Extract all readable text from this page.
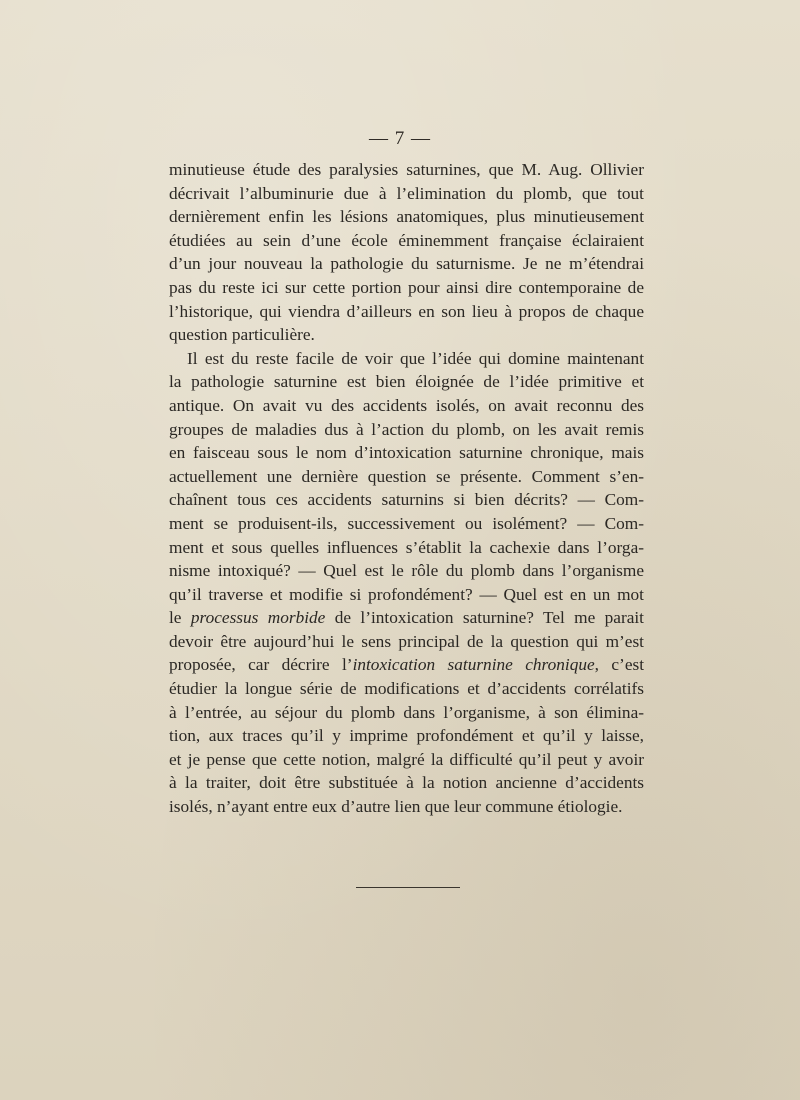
— 7 —
minutieuse étude des paralysies saturnines, que M. Aug. Ollivier
décrivait l’albuminurie due à l’elimination du plomb, que tout
dernièrement enfin les lésions anatomiques, plus minutieusement
étudiées au sein d’une école éminemment française éclairaient
d’un jour nouveau la pathologie du saturnisme. Je ne m’étendrai
pas du reste ici sur cette portion pour ainsi dire contemporaine de
l’historique, qui viendra d’ailleurs en son lieu à propos de chaque
question particulière.
Il est du reste facile de voir que l’idée qui domine maintenant
la pathologie saturnine est bien éloignée de l’idée primitive et
antique. On avait vu des accidents isolés, on avait reconnu des
groupes de maladies dus à l’action du plomb, on les avait remis
en faisceau sous le nom d’intoxication saturnine chronique, mais
actuellement une dernière question se présente. Comment s’en-
chaînent tous ces accidents saturnins si bien décrits? — Com-
ment se produisent-ils, successivement ou isolément? — Com-
ment et sous quelles influences s’établit la cachexie dans l’orga-
nisme intoxiqué? — Quel est le rôle du plomb dans l’organisme
qu’il traverse et modifie si profondément? — Quel est en un mot
le processus morbide de l’intoxication saturnine? Tel me parait
devoir être aujourd’hui le sens principal de la question qui m’est
proposée, car décrire l’intoxication saturnine chronique, c’est
étudier la longue série de modifications et d’accidents corrélatifs
à l’entrée, au séjour du plomb dans l’organisme, à son élimina-
tion, aux traces qu’il y imprime profondément et qu’il y laisse,
et je pense que cette notion, malgré la difficulté qu’il peut y avoir
à la traiter, doit être substituée à la notion ancienne d’accidents
isolés, n’ayant entre eux d’autre lien que leur commune étiologie.
